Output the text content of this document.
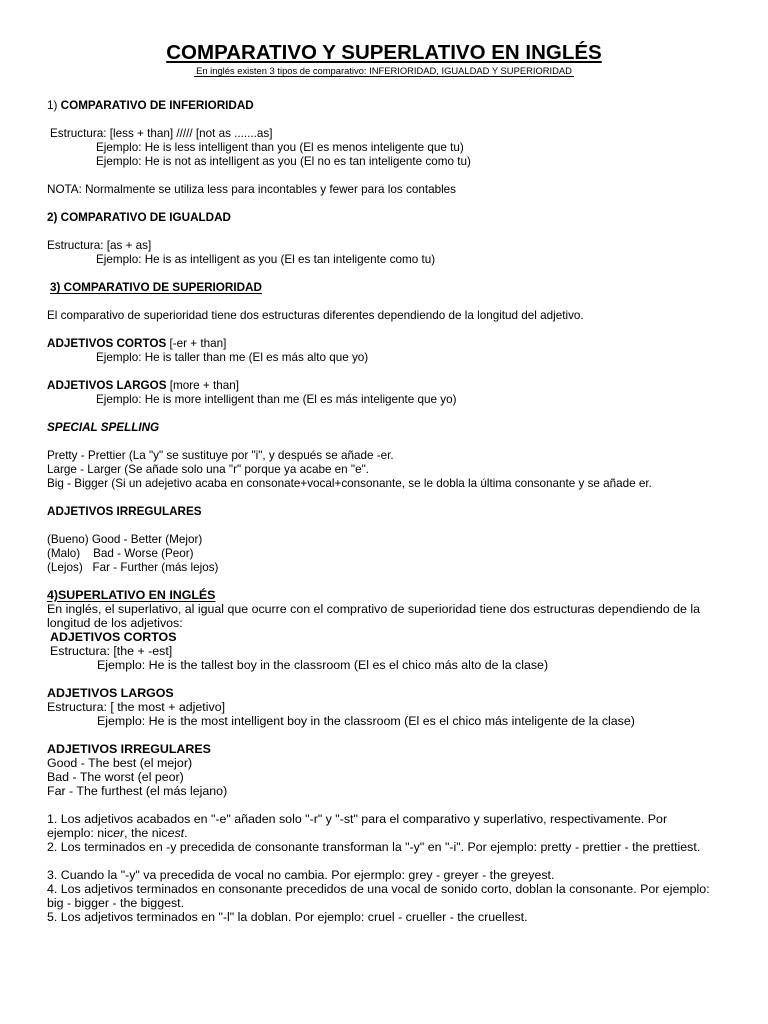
COMPARATIVO Y SUPERLATIVO EN INGLÉS
En inglés existen 3 tipos de comparativo: INFERIORIDAD, IGUALDAD Y SUPERIORIDAD
1) COMPARATIVO DE INFERIORIDAD
Estructura: [less + than] ///// [not as .......as]
Ejemplo: He is less intelligent than you (El es menos inteligente que tu)
Ejemplo: He is not as intelligent as you (El no es tan inteligente como tu)
NOTA: Normalmente se utiliza less para incontables y fewer para los contables
2) COMPARATIVO DE IGUALDAD
Estructura: [as + as]
Ejemplo: He is as intelligent as you (El es tan inteligente como tu)
3) COMPARATIVO DE SUPERIORIDAD
El comparativo de superioridad tiene dos estructuras diferentes dependiendo de la longitud del adjetivo.
ADJETIVOS CORTOS [-er + than]
Ejemplo: He is taller than me (El es más alto que yo)
ADJETIVOS LARGOS [more + than]
Ejemplo: He is more intelligent than me (El es más inteligente que yo)
SPECIAL SPELLING
Pretty - Prettier (La "y" se sustituye por "i", y después se añade -er.
Large - Larger (Se añade solo una "r" porque ya acabe en "e".
Big - Bigger (Si un adejetivo acaba en consonate+vocal+consonante, se le dobla la última consonante y se añade er.
ADJETIVOS IRREGULARES
(Bueno) Good - Better (Mejor)
(Malo)    Bad - Worse (Peor)
(Lejos)   Far - Further (más lejos)
4)SUPERLATIVO EN INGLÉS
En inglés, el superlativo, al igual que ocurre con el comprativo de superioridad tiene dos estructuras dependiendo de la longitud de los adjetivos:
ADJETIVOS CORTOS
Estructura: [the + -est]
Ejemplo: He is the tallest boy in the classroom (El es el chico más alto de la clase)
ADJETIVOS LARGOS
Estructura: [ the most + adjetivo]
Ejemplo: He is the most intelligent boy in the classroom (El es el chico más inteligente de la clase)
ADJETIVOS IRREGULARES
Good - The best (el mejor)
Bad - The worst (el peor)
Far - The furthest (el más lejano)
1. Los adjetivos acabados en "-e" añaden solo "-r" y "-st" para el comparativo y superlativo, respectivamente. Por ejemplo: nicer, the nicest.
2. Los terminados en -y precedida de consonante transforman la "-y" en "-i". Por ejemplo: pretty - prettier - the prettiest.
3. Cuando la "-y" va precedida de vocal no cambia. Por ejermplo: grey - greyer - the greyest.
4. Los adjetivos terminados en consonante precedidos de una vocal de sonido corto, doblan la consonante. Por ejemplo: big - bigger - the biggest.
5. Los adjetivos terminados en "-l" la doblan. Por ejemplo: cruel - crueller - the cruellest.
